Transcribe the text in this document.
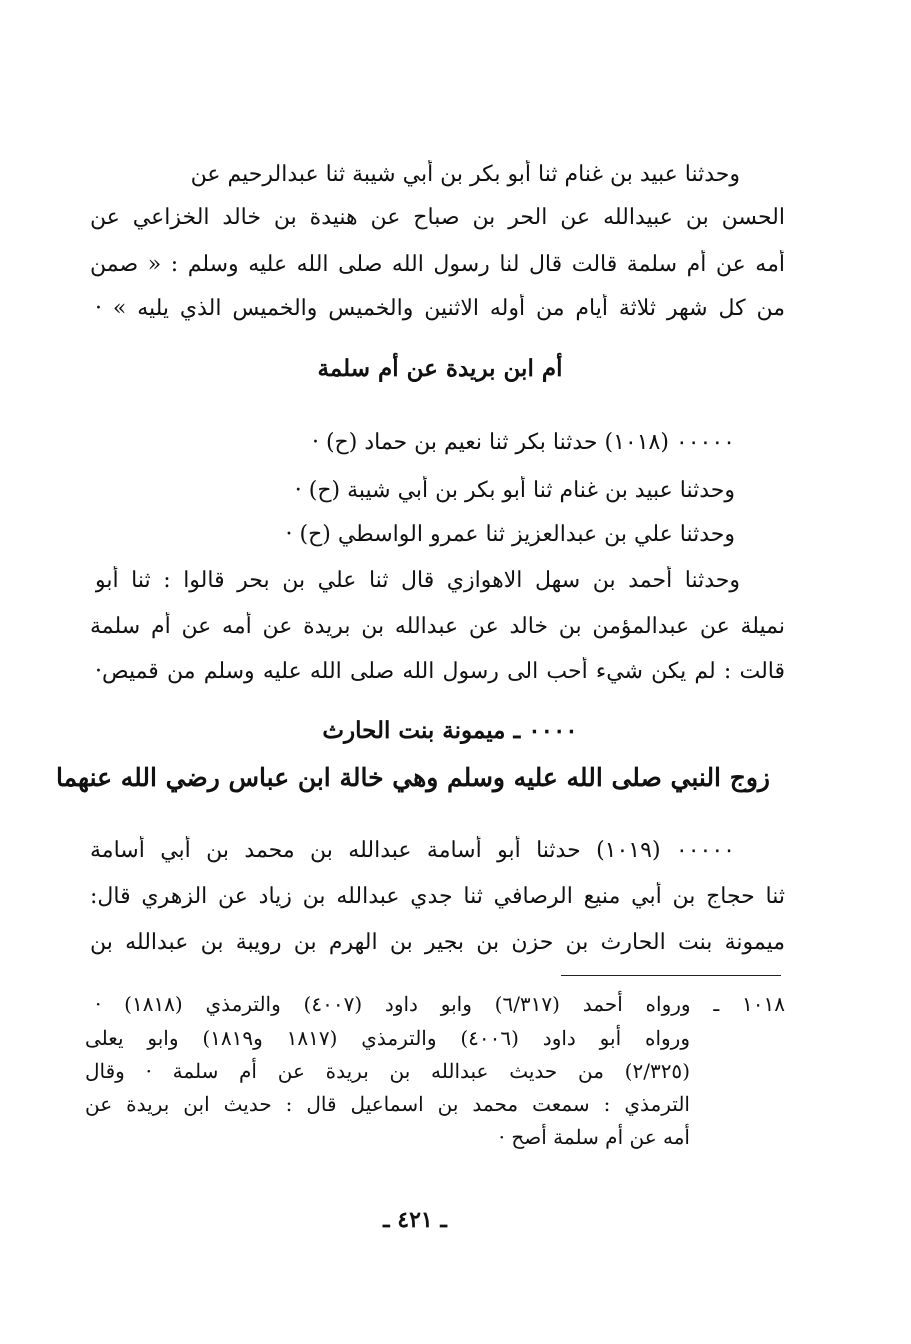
وحدثنا عبيد بن غنام ثنا أبو بكر بن أبي شيبة ثنا عبدالرحيم عن
الحسن بن عبيدالله عن الحر بن صباح عن هنيدة بن خالد الخزاعي عن
أمه عن أم سلمة قالت قال لنا رسول الله صلى الله عليه وسلم : « صمن
من كل شهر ثلاثة أيام من أوله الاثنين والخميس والخميس الذي يليه » ·
أم ابن بريدة عن أم سلمة
٠٠٠٠٠ (١٠١٨) حدثنا بكر ثنا نعيم بن حماد (ح) ·
وحدثنا عبيد بن غنام ثنا أبو بكر بن أبي شيبة (ح) ·
وحدثنا علي بن عبدالعزيز ثنا عمرو الواسطي (ح) ·
وحدثنا أحمد بن سهل الاهوازي قال ثنا علي بن بحر قالوا : ثنا أبو
نميلة عن عبدالمؤمن بن خالد عن عبدالله بن بريدة عن أمه عن أم سلمة
قالت : لم يكن شيء أحب الى رسول الله صلى الله عليه وسلم من قميص·
٠٠٠٠ ـ ميمونة بنت الحارث
زوج النبي صلى الله عليه وسلم وهي خالة ابن عباس رضي الله عنهما
٠٠٠٠٠ (١٠١٩) حدثنا أبو أسامة عبدالله بن محمد بن أبي أسامة
ثنا حجاج بن أبي منيع الرصافي ثنا جدي عبدالله بن زياد عن الزهري قال:
ميمونة بنت الحارث بن حزن بن بجير بن الهرم بن رويبة بن عبدالله بن
١٠١٨ ـ ورواه أحمد (٦/٣١٧) وابو داود (٤٠٠٧) والترمذي (١٨١٨) ·
ورواه أبو داود (٤٠٠٦) والترمذي (١٨١٧ و١٨١٩) وابو يعلى
(٢/٣٢٥) من حديث عبدالله بن بريدة عن أم سلمة · وقال
الترمذي : سمعت محمد بن اسماعيل قال : حديث ابن بريدة عن
أمه عن أم سلمة أصح ·
ـ ٤٢١ ـ
